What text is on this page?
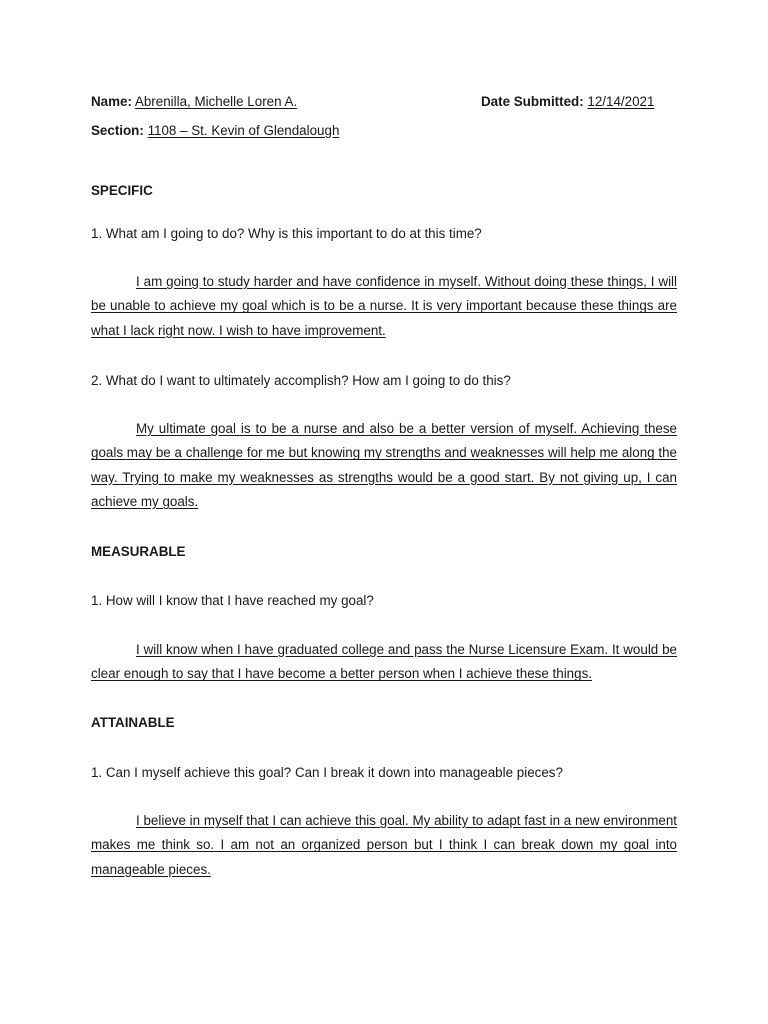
Name: Abrenilla, Michelle Loren A.	Date Submitted: 12/14/2021
Section: 1108 – St. Kevin of Glendalough
SPECIFIC
1. What am I going to do? Why is this important to do at this time?
I am going to study harder and have confidence in myself. Without doing these things, I will be unable to achieve my goal which is to be a nurse. It is very important because these things are what I lack right now. I wish to have improvement.
2. What do I want to ultimately accomplish? How am I going to do this?
My ultimate goal is to be a nurse and also be a better version of myself. Achieving these goals may be a challenge for me but knowing my strengths and weaknesses will help me along the way. Trying to make my weaknesses as strengths would be a good start. By not giving up, I can achieve my goals.
MEASURABLE
1. How will I know that I have reached my goal?
I will know when I have graduated college and pass the Nurse Licensure Exam. It would be clear enough to say that I have become a better person when I achieve these things.
ATTAINABLE
1. Can I myself achieve this goal? Can I break it down into manageable pieces?
I believe in myself that I can achieve this goal. My ability to adapt fast in a new environment makes me think so. I am not an organized person but I think I can break down my goal into manageable pieces.
